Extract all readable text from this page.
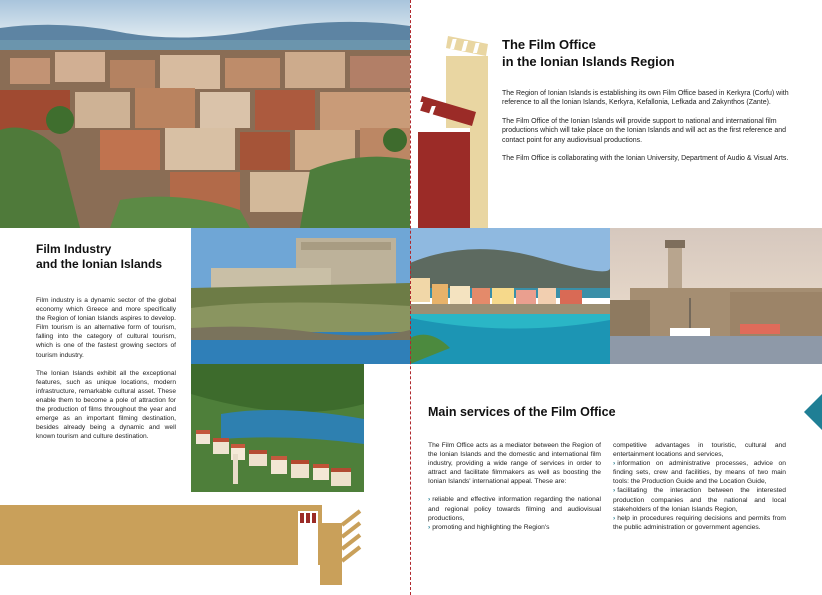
The Film Office
in the Ionian Islands Region

The Region of Ionian Islands is establishing its own Film Office based in Kerkyra (Corfu) with reference to all the Ionian Islands, Kerkyra, Kefallonia, Lefkada and Zakynthos (Zante).

The Film Office of the Ionian Islands will provide support to national and international film productions which will take place on the Ionian Islands and will act as the first reference and contact point for any audiovisual productions.

The Film Office is collaborating with the Ionian University, Department of Audio & Visual Arts.

Film Industry
and the Ionian Islands

Film industry is a dynamic sector of the global economy which Greece and more specifically the Region of Ionian Islands aspires to develop. Film tourism is an alternative form of tourism, falling into the category of cultural tourism, which is one of the fastest growing sectors of tourism industry.

The Ionian Islands exhibit all the exceptional features, such as unique locations, modern infrastructure, remarkable cultural asset. These enable them to become a pole of attraction for the production of films throughout the year and emerge as an important filming destination, besides already being a dynamic and well known tourism and culture destination.

Main services of the Film Office

The Film Office acts as a mediator between the Region of the Ionian Islands and the domestic and international film industry, providing a wide range of services in order to attract and facilitate filmmakers as well as boosting the Ionian Islands' international appeal. These are:

› reliable and effective information regarding the national and regional policy towards filming and audiovisual productions,
› promoting and highlighting the Region's
competitive advantages in touristic, cultural and entertainment locations and services,
› information on administrative processes, advice on finding sets, crew and facilities, by means of two main tools: the Production Guide and the Location Guide,
› facilitating the interaction between the interested production companies and the national and local stakeholders of the Ionian Islands Region,
› help in procedures requiring decisions and permits from the public administration or government agencies.
